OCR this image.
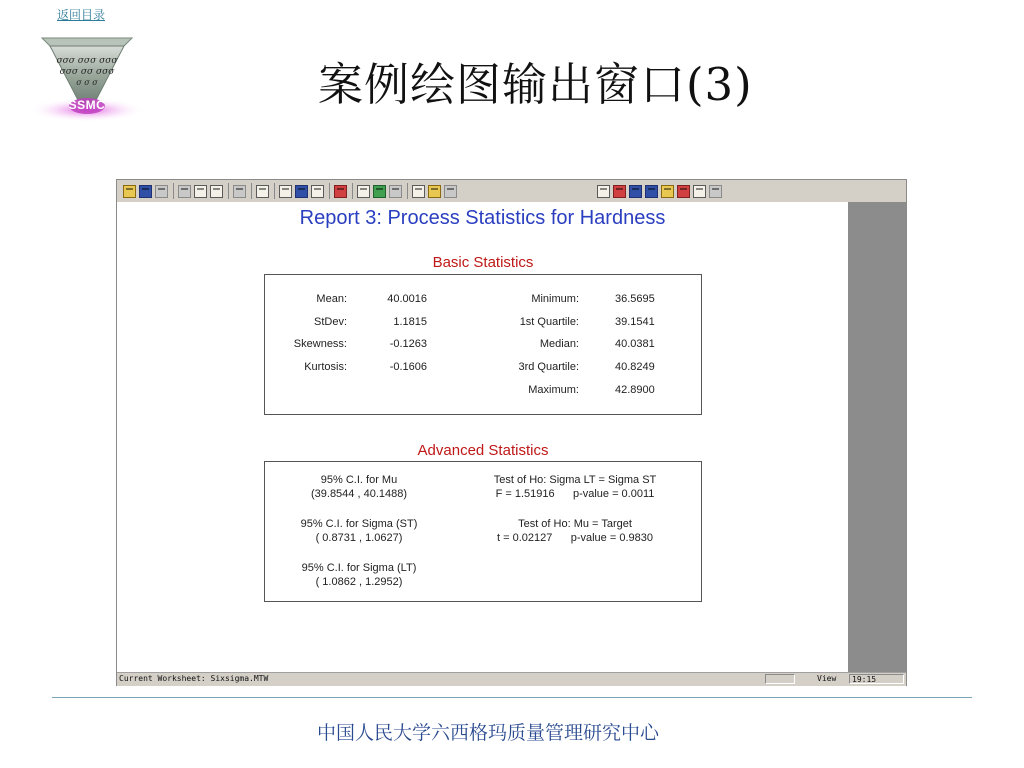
返回目录
σσσ σσσ σσσ
σσσ σσ σσσ
σ σ σ
SSMC	案例绘图输出窗口(3)
Report 3: Process Statistics for Hardness
Basic Statistics
Mean:	40.0016
StDev:	1.1815
Skewness:	-0.1263
Kurtosis:	-0.1606
Minimum:	36.5695
1st Quartile:	39.1541
Median:	40.0381
3rd Quartile:	40.8249
Maximum:	42.8900
Advanced Statistics
95% C.I. for Mu
(39.8544 , 40.1488)
95% C.I. for Sigma (ST)
( 0.8731 , 1.0627)
95% C.I. for Sigma (LT)
( 1.0862 , 1.2952)
Test of Ho: Sigma LT = Sigma ST
F = 1.51916      p-value = 0.0011
Test of Ho: Mu = Target
t = 0.02127      p-value = 0.9830
Current Worksheet: Sixsigma.MTW	View	19:15
中国人民大学六西格玛质量管理研究中心
